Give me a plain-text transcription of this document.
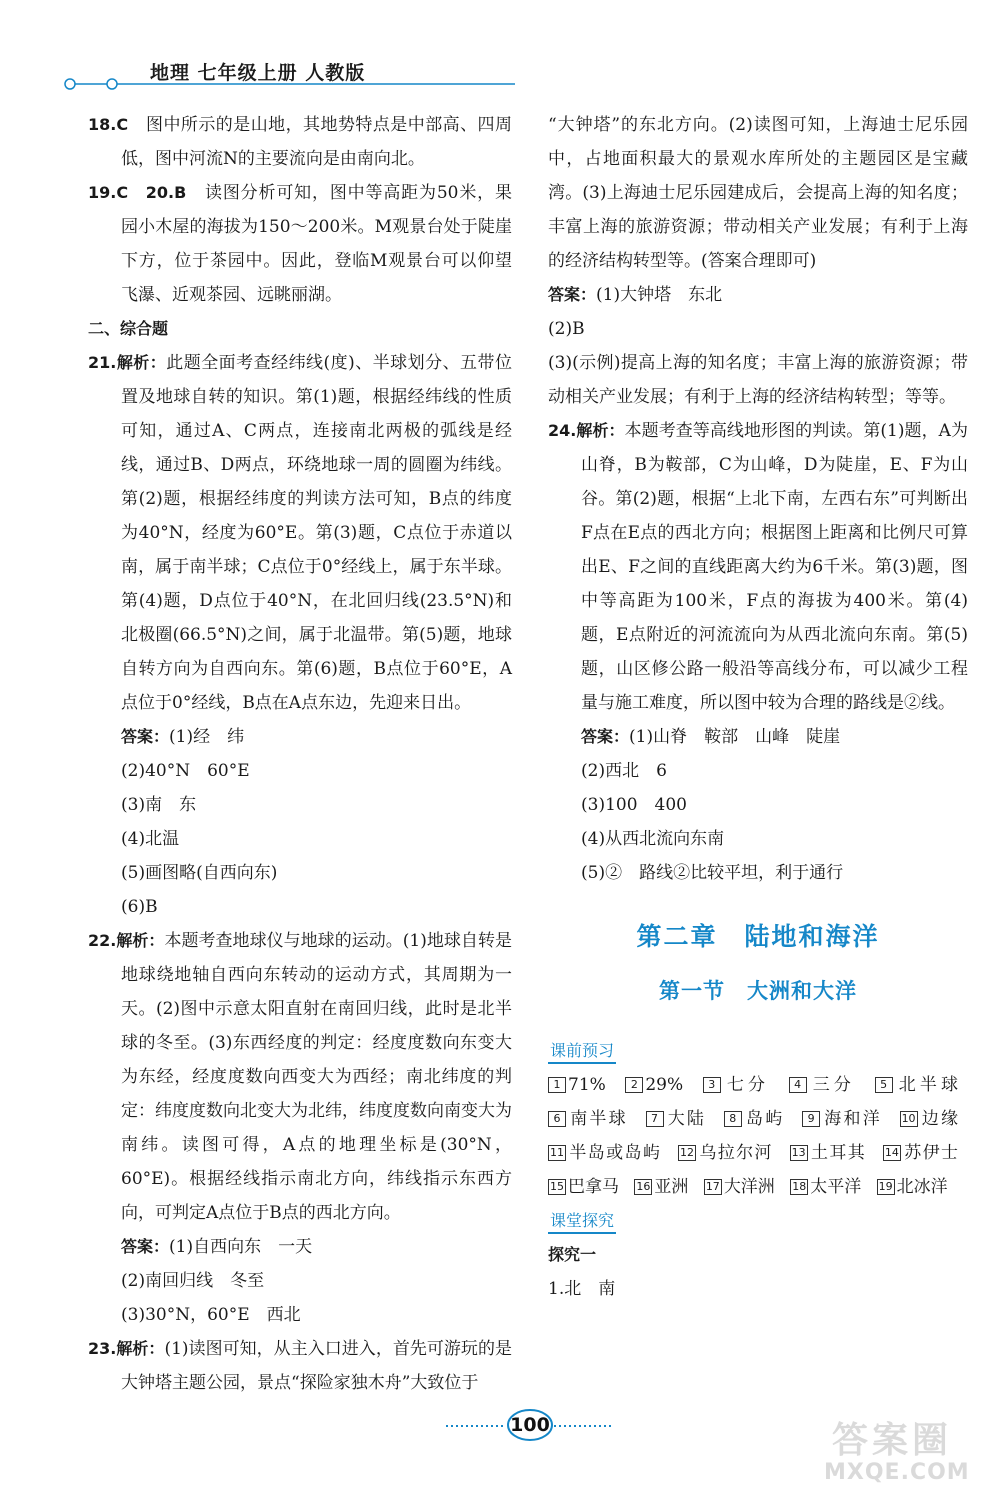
地理 七年级上册 人教版
18.C　 图中所示的是山地，其地势特点是中部高、四周低，图中河流N的主要流向是由南向北。
19.C　20.B　 读图分析可知，图中等高距为50米，果园小木屋的海拔为150～200米。M观景台处于陡崖下方，位于茶园中。因此，登临M观景台可以仰望飞瀑、近观茶园、远眺丽湖。
二、综合题
21.解析：此题全面考查经纬线(度)、半球划分、五带位置及地球自转的知识。第(1)题，根据经纬线的性质可知，通过A、C两点，连接南北两极的弧线是经线，通过B、D两点，环绕地球一周的圆圈为纬线。第(2)题，根据经纬度的判读方法可知，B点的纬度为40°N，经度为60°E。第(3)题，C点位于赤道以南，属于南半球；C点位于0°经线上，属于东半球。第(4)题，D点位于40°N，在北回归线(23.5°N)和北极圈(66.5°N)之间，属于北温带。第(5)题，地球自转方向为自西向东。第(6)题，B点位于60°E，A点位于0°经线，B点在A点东边，先迎来日出。
答案：(1)经　纬
(2)40°N　60°E
(3)南　东
(4)北温
(5)画图略(自西向东)
(6)B
22.解析：本题考查地球仪与地球的运动。(1)地球自转是地球绕地轴自西向东转动的运动方式，其周期为一天。(2)图中示意太阳直射在南回归线，此时是北半球的冬至。(3)东西经度的判定：经度度数向东变大为东经，经度度数向西变大为西经；南北纬度的判定：纬度度数向北变大为北纬，纬度度数向南变大为南纬。读图可得，A点的地理坐标是(30°N，60°E)。根据经线指示南北方向，纬线指示东西方向，可判定A点位于B点的西北方向。
答案：(1)自西向东　一天
(2)南回归线　冬至
(3)30°N，60°E　西北
23.解析：(1)读图可知，从主入口进入，首先可游玩的是大钟塔主题公园，景点“探险家独木舟”大致位于
“大钟塔”的东北方向。(2)读图可知，上海迪士尼乐园中，占地面积最大的景观水库所处的主题园区是宝藏湾。(3)上海迪士尼乐园建成后，会提高上海的知名度；丰富上海的旅游资源；带动相关产业发展；有利于上海的经济结构转型等。(答案合理即可)
答案：(1)大钟塔　东北
(2)B
(3)(示例)提高上海的知名度；丰富上海的旅游资源；带动相关产业发展；有利于上海的经济结构转型；等等。
24.解析：本题考查等高线地形图的判读。第(1)题，A为山脊，B为鞍部，C为山峰，D为陡崖，E、F为山谷。第(2)题，根据“上北下南，左西右东”可判断出F点在E点的西北方向；根据图上距离和比例尺可算出E、F之间的直线距离大约为6千米。第(3)题，图中等高距为100米，F点的海拔为400米。第(4)题，E点附近的河流流向为从西北流向东南。第(5)题，山区修公路一般沿等高线分布，可以减少工程量与施工难度，所以图中较为合理的路线是②线。
答案：(1)山脊　鞍部　山峰　陡崖
(2)西北　6
(3)100　400
(4)从西北流向东南
(5)②　路线②比较平坦，利于通行
第二章　陆地和海洋
第一节　大洲和大洋
课前预习
1 71% 2 29% 3 七分 4 三分 5 北半球 6 南半球 7 大陆 8 岛屿 9 海和洋 10 边缘 11 半岛或岛屿 12 乌拉尔河 13 土耳其 14 苏伊士 15 巴拿马 16 亚洲 17 大洋洲 18 太平洋 19 北冰洋
课堂探究
探究一
1.北　南
100	答案圈
MXQE.COM
